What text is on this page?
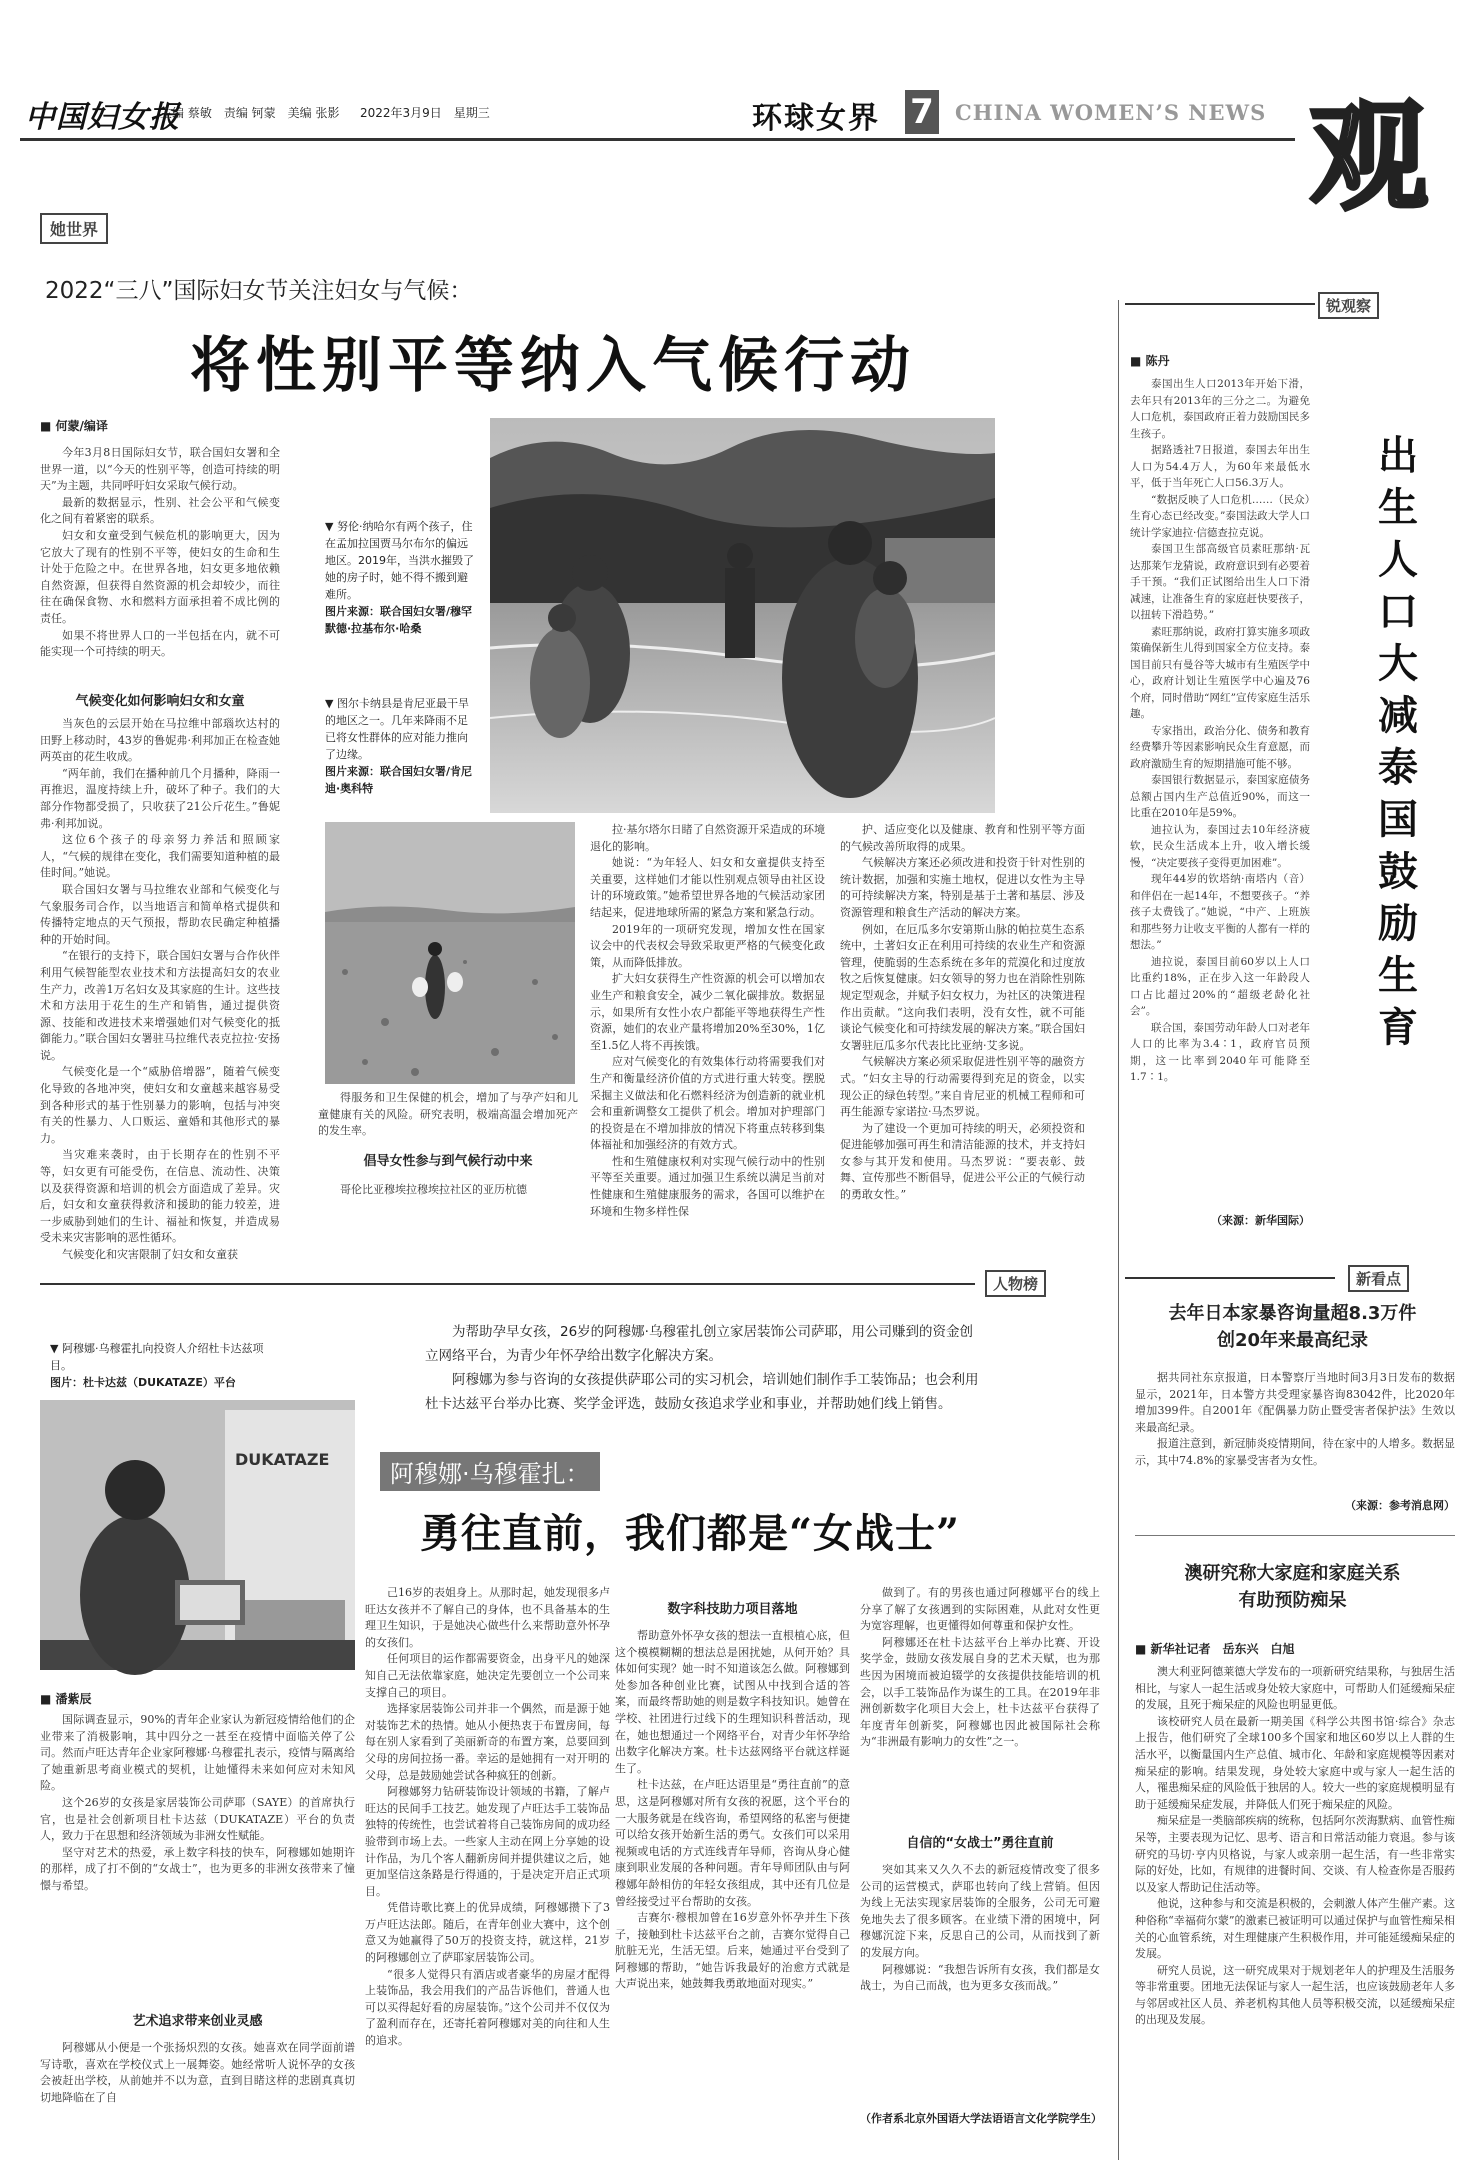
中国妇女报
主编 蔡敏　责编 钶蒙　美编 张影 2022年3月9日　星期三	环球女界 7 CHINA WOMEN’S NEWS 观
她世界
2022“三八”国际妇女节关注妇女与气候：
将性别平等纳入气候行动
■ 何蒙/编译

今年3月8日国际妇女节，联合国妇女署和全世界一道，以“今天的性别平等，创造可持续的明天”为主题，共同呼吁妇女采取气候行动。

最新的数据显示，性别、社会公平和气候变化之间有着紧密的联系。

妇女和女童受到气候危机的影响更大，因为它放大了现有的性别不平等，使妇女的生命和生计处于危险之中。在世界各地，妇女更多地依赖自然资源，但获得自然资源的机会却较少，而往往在确保食物、水和燃料方面承担着不成比例的责任。

如果不将世界人口的一半包括在内，就不可能实现一个可持续的明天。

气候变化如何影响妇女和女童

当灰色的云层开始在马拉维中部瑙坎达村的田野上移动时，43岁的鲁妮弗·利邦加正在检查她两英亩的花生收成。

“两年前，我们在播种前几个月播种，降雨一再推迟，温度持续上升，破坏了种子。我们的大部分作物都受损了，只收获了21公斤花生。”鲁妮弗·利邦加说。

这位6个孩子的母亲努力养活和照顾家人，“气候的规律在变化，我们需要知道种植的最佳时间。”她说。

联合国妇女署与马拉维农业部和气候变化与气象服务司合作，以当地语言和简单格式提供和传播特定地点的天气预报，帮助农民确定种植播种的开始时间。

“在银行的支持下，联合国妇女署与合作伙伴利用气候智能型农业技术和方法提高妇女的农业生产力，改善1万名妇女及其家庭的生计。这些技术和方法用于花生的生产和销售，通过提供资源、技能和改进技术来增强她们对气候变化的抵御能力。”联合国妇女署驻马拉维代表克拉拉·安扬说。

气候变化是一个“威胁倍增器”，随着气候变化导致的各地冲突，使妇女和女童越来越容易受到各种形式的基于性别暴力的影响，包括与冲突有关的性暴力、人口贩运、童婚和其他形式的暴力。

当灾难来袭时，由于长期存在的性别不平等，妇女更有可能受伤，在信息、流动性、决策以及获得资源和培训的机会方面造成了差异。灾后，妇女和女童获得救济和援助的能力较差，进一步威胁到她们的生计、福祉和恢复，并造成易受未来灾害影响的恶性循环。

气候变化和灾害限制了妇女和女童获

▼ 努伦·纳哈尔有两个孩子，住在孟加拉国贾马尔布尔的偏远地区。2019年，当洪水摧毁了她的房子时，她不得不搬到避难所。
图片来源：联合国妇女署/穆罕默德·拉基布尔·哈桑
▼ 图尔卡纳县是肯尼亚最干旱的地区之一。几年来降雨不足已将女性群体的应对能力推向了边缘。
图片来源：联合国妇女署/肯尼迪·奥科特

得服务和卫生保健的机会，增加了与孕产妇和儿童健康有关的风险。研究表明，极端高温会增加死产的发生率。

倡导女性参与到气候行动中来

哥伦比亚穆埃拉穆埃拉社区的亚历杭德

拉·基尔塔尔日睹了自然资源开采造成的环境退化的影响。

她说：“为年轻人、妇女和女童提供支持至关重要，这样她们才能以性别观点领导由社区设计的环境政策。”她希望世界各地的气候活动家团结起来，促进地球所需的紧急方案和紧急行动。

2019年的一项研究发现，增加女性在国家议会中的代表权会导致采取更严格的气候变化政策，从而降低排放。

扩大妇女获得生产性资源的机会可以增加农业生产和粮食安全，减少二氧化碳排放。数据显示，如果所有女性小农户都能平等地获得生产性资源，她们的农业产量将增加20%至30%，1亿至1.5亿人将不再挨饿。

应对气候变化的有效集体行动将需要我们对生产和衡量经济价值的方式进行重大转变。摆脱采掘主义做法和化石燃料经济为创造新的就业机会和重新调整女工提供了机会。增加对护理部门的投资是在不增加排放的情况下将重点转移到集体福祉和加强经济的有效方式。

性和生殖健康权利对实现气候行动中的性别平等至关重要。通过加强卫生系统以满足当前对性健康和生殖健康服务的需求，各国可以维护在环境和生物多样性保

护、适应变化以及健康、教育和性别平等方面的气候改善所取得的成果。

气候解决方案还必须改进和投资于针对性别的统计数据，加强和实施土地权，促进以女性为主导的可持续解决方案，特别是基于土著和基层、涉及资源管理和粮食生产活动的解决方案。

例如，在厄瓜多尔安第斯山脉的帕拉莫生态系统中，土著妇女正在利用可持续的农业生产和资源管理，使脆弱的生态系统在多年的荒漠化和过度放牧之后恢复健康。妇女领导的努力也在消除性别陈规定型观念，并赋予妇女权力，为社区的决策进程作出贡献。“这向我们表明，没有女性，就不可能谈论气候变化和可持续发展的解决方案。”联合国妇女署驻厄瓜多尔代表比比亚纳·艾多说。

气候解决方案必须采取促进性别平等的融资方式。“妇女主导的行动需要得到充足的资金，以实现公正的绿色转型。”来自肯尼亚的机械工程师和可再生能源专家诺拉·马杰罗说。

为了建设一个更加可持续的明天，必须投资和促进能够加强可再生和清洁能源的技术，并支持妇女参与其开发和使用。马杰罗说：“要表彰、鼓舞、宣传那些不断倡导，促进公平公正的气候行动的勇敢女性。”

锐观察
■ 陈丹

泰国出生人口2013年开始下滑，去年只有2013年的三分之二。为避免人口危机，泰国政府正着力鼓励国民多生孩子。

据路透社7日报道，泰国去年出生人口为54.4万人，为60年来最低水平，低于当年死亡人口56.3万人。

“数据反映了人口危机……（民众）生育心态已经改变。”泰国法政大学人口统计学家迪拉·信德查拉克说。

泰国卫生部高级官员素旺那纳·瓦达那莱乍龙猜说，政府意识到有必要着手干预。“我们正试图给出生人口下滑减速，让准备生育的家庭赶快要孩子，以扭转下滑趋势。”

素旺那纳说，政府打算实施多项政策确保新生儿得到国家全方位支持。泰国目前只有曼谷等大城市有生殖医学中心，政府计划让生殖医学中心遍及76个府，同时借助“网红”宣传家庭生活乐趣。

专家指出，政治分化、债务和教育经费攀升等因素影响民众生育意愿，而政府激励生育的短期措施可能不够。

泰国银行数据显示，泰国家庭债务总额占国内生产总值近90%，而这一比重在2010年是59%。

迪拉认为，泰国过去10年经济疲软，民众生活成本上升，收入增长缓慢，“决定要孩子变得更加困难”。

现年44岁的钦塔纳·南塔内（音）和伴侣在一起14年，不想要孩子。“养孩子太费钱了。”她说，“中产、上班族和那些努力让收支平衡的人都有一样的想法。”

迪拉说，泰国目前60岁以上人口比重约18%，正在步入这一年龄段人口占比超过20%的“超级老龄化社会”。

联合国，泰国劳动年龄人口对老年人口的比率为3.4∶1，政府官员预期，这一比率到2040年可能降至1.7∶1。

出生人口大减　泰国鼓励生育
（来源：新华国际）
新看点
去年日本家暴咨询量超8.3万件
创20年来最高纪录

据共同社东京报道，日本警察厅当地时间3月3日发布的数据显示，2021年，日本警方共受理家暴咨询83042件，比2020年增加399件。自2001年《配偶暴力防止暨受害者保护法》生效以来最高纪录。

报道注意到，新冠肺炎疫情期间，待在家中的人增多。数据显示，其中74.8%的家暴受害者为女性。

（来源：参考消息网）
澳研究称大家庭和家庭关系
有助预防痴呆
■ 新华社记者　岳东兴　白旭

澳大利亚阿德莱德大学发布的一项新研究结果称，与独居生活相比，与家人一起生活或身处较大家庭中，可帮助人们延缓痴呆症的发展，且死于痴呆症的风险也明显更低。

该校研究人员在最新一期美国《科学公共图书馆·综合》杂志上报告，他们研究了全球100多个国家和地区60岁以上人群的生活水平，以衡量国内生产总值、城市化、年龄和家庭规模等因素对痴呆症的影响。结果发现，身处较大家庭中或与家人一起生活的人，罹患痴呆症的风险低于独居的人。较大一些的家庭规模明显有助于延缓痴呆症发展，并降低人们死于痴呆症的风险。

痴呆症是一类脑部疾病的统称，包括阿尔茨海默病、血管性痴呆等，主要表现为记忆、思考、语言和日常活动能力衰退。参与该研究的马切·亨内贝格说，与家人或亲朋一起生活，有一些非常实际的好处，比如，有规律的进餐时间、交谈、有人检查你是否服药以及家人帮助记住活动等。

他说，这种参与和交流是积极的，会刺激人体产生催产素。这种俗称“幸福荷尔蒙”的激素已被证明可以通过保护与血管性痴呆相关的心血管系统，对生理健康产生积极作用，并可能延缓痴呆症的发展。

研究人员说，这一研究成果对于规划老年人的护理及生活服务等非常重要。团地无法保证与家人一起生活，也应该鼓励老年人多与邻居或社区人员、养老机构其他人员等积极交流，以延缓痴呆症的出现及发展。

人物榜
▼ 阿穆娜·乌穆霍扎向投资人介绍杜卡达兹项目。
图片：杜卡达兹（DUKATAZE）平台

为帮助孕早女孩，26岁的阿穆娜·乌穆霍扎创立家居装饰公司萨耶，用公司赚到的资金创立网络平台，为青少年怀孕给出数字化解决方案。

阿穆娜为参与咨询的女孩提供萨耶公司的实习机会，培训她们制作手工装饰品；也会利用杜卡达兹平台举办比赛、奖学金评选，鼓励女孩追求学业和事业，并帮助她们线上销售。

DUKATAZE
阿穆娜·乌穆霍扎：
勇往直前，我们都是“女战士”
■ 潘紫辰

国际调查显示，90%的青年企业家认为新冠疫情给他们的企业带来了消极影响，其中四分之一甚至在疫情中面临关停了公司。然而卢旺达青年企业家阿穆娜·乌穆霍扎表示，疫情与隔离给了她重新思考商业模式的契机，让她懂得未来如何应对未知风险。

这个26岁的女孩是家居装饰公司萨耶（SAYE）的首席执行官，也是社会创新项目杜卡达兹（DUKATAZE）平台的负责人，致力于在思想和经济领域为非洲女性赋能。

坚守对艺术的热爱，承上数字科技的快车，阿穆娜如她期许的那样，成了打不倒的“女战士”，也为更多的非洲女孩带来了憧憬与希望。

艺术追求带来创业灵感

阿穆娜从小便是一个张扬炽烈的女孩。她喜欢在同学面前谱写诗歌，喜欢在学校仪式上一展舞姿。她经常听人说怀孕的女孩会被赶出学校，从前她并不以为意，直到目睹这样的悲剧真真切切地降临在了自

己16岁的表姐身上。从那时起，她发现很多卢旺达女孩并不了解自己的身体，也不具备基本的生理卫生知识，于是她决心做些什么来帮助意外怀孕的女孩们。

任何项目的运作都需要资金，出身平凡的她深知自己无法依靠家庭，她决定先要创立一个公司来支撑自己的项目。

选择家居装饰公司并非一个偶然，而是源于她对装饰艺术的热情。她从小便热衷于布置房间，每每在别人家看到了美丽新奇的布置方案，总要回到父母的房间拉扬一番。幸运的是她拥有一对开明的父母，总是鼓励她尝试各种疯狂的创新。

阿穆娜努力钻研装饰设计领域的书籍，了解卢旺达的民间手工技艺。她发现了卢旺达手工装饰品独特的传统性，也尝试着将自己装饰房间的成功经验带到市场上去。一些家人主动在网上分享她的设计作品，为几个客人翻新房间并提供建议之后，她更加坚信这条路是行得通的，于是决定开启正式项目。

凭借诗歌比赛上的优异成绩，阿穆娜攒下了3万卢旺达法郎。随后，在青年创业大赛中，这个创意又为她赢得了50万的投资支持，就这样，21岁的阿穆娜创立了萨耶家居装饰公司。

“很多人觉得只有酒店或者豪华的房屋才配得上装饰品，我会用我们的产品告诉他们，普通人也可以买得起好看的房屋装饰。”这个公司并不仅仅为了盈利而存在，还寄托着阿穆娜对美的向往和人生的追求。

数字科技助力项目落地

帮助意外怀孕女孩的想法一直根植心底，但这个模模糊糊的想法总是困扰她，从何开始？具体如何实现？她一时不知道该怎么做。阿穆娜到处参加各种创业比赛，试图从中找到合适的答案，而最终帮助她的则是数字科技知识。她曾在学校、社团进行过线下的生理知识科普活动，现在，她也想通过一个网络平台，对青少年怀孕给出数字化解决方案。杜卡达兹网络平台就这样诞生了。

杜卡达兹，在卢旺达语里是“勇往直前”的意思，这是阿穆娜对所有女孩的祝愿，这个平台的一大服务就是在线咨询，希望网络的私密与便捷可以给女孩开始新生活的勇气。女孩们可以采用视频或电话的方式连线青年导师，咨询从身心健康到职业发展的各种问题。青年导师团队由与阿穆娜年龄相仿的年轻女孩组成，其中还有几位是曾经接受过平台帮助的女孩。

吉赛尔·穆根加曾在16岁意外怀孕并生下孩子，接触到杜卡达兹平台之前，吉赛尔觉得自己肮脏无光，生活无望。后来，她通过平台受到了阿穆娜的帮助，“她告诉我最好的治愈方式就是大声说出来，她鼓舞我勇敢地面对现实。”

做到了。有的男孩也通过阿穆娜平台的线上分享了解了女孩遇到的实际困难，从此对女性更为宽容理解，也更懂得如何尊重和保护女性。

阿穆娜还在杜卡达兹平台上举办比赛、开设奖学金，鼓励女孩发展自身的艺术天赋，也为那些因为困境而被迫辍学的女孩提供技能培训的机会，以手工装饰品作为谋生的工具。在2019年非洲创新数字化项目大会上，杜卡达兹平台获得了年度青年创新奖，阿穆娜也因此被国际社会称为“非洲最有影响力的女性”之一。

自信的“女战士”勇往直前

突如其来又久久不去的新冠疫情改变了很多公司的运营模式，萨耶也转向了线上营销。但因为线上无法实现家居装饰的全服务，公司无可避免地失去了很多顾客。在业绩下滑的困境中，阿穆娜沉淀下来，反思自己的公司，从而找到了新的发展方向。

阿穆娜说：“我想告诉所有女孩，我们都是女战士，为自己而战，也为更多女孩而战。”

（作者系北京外国语大学法语语言文化学院学生）
